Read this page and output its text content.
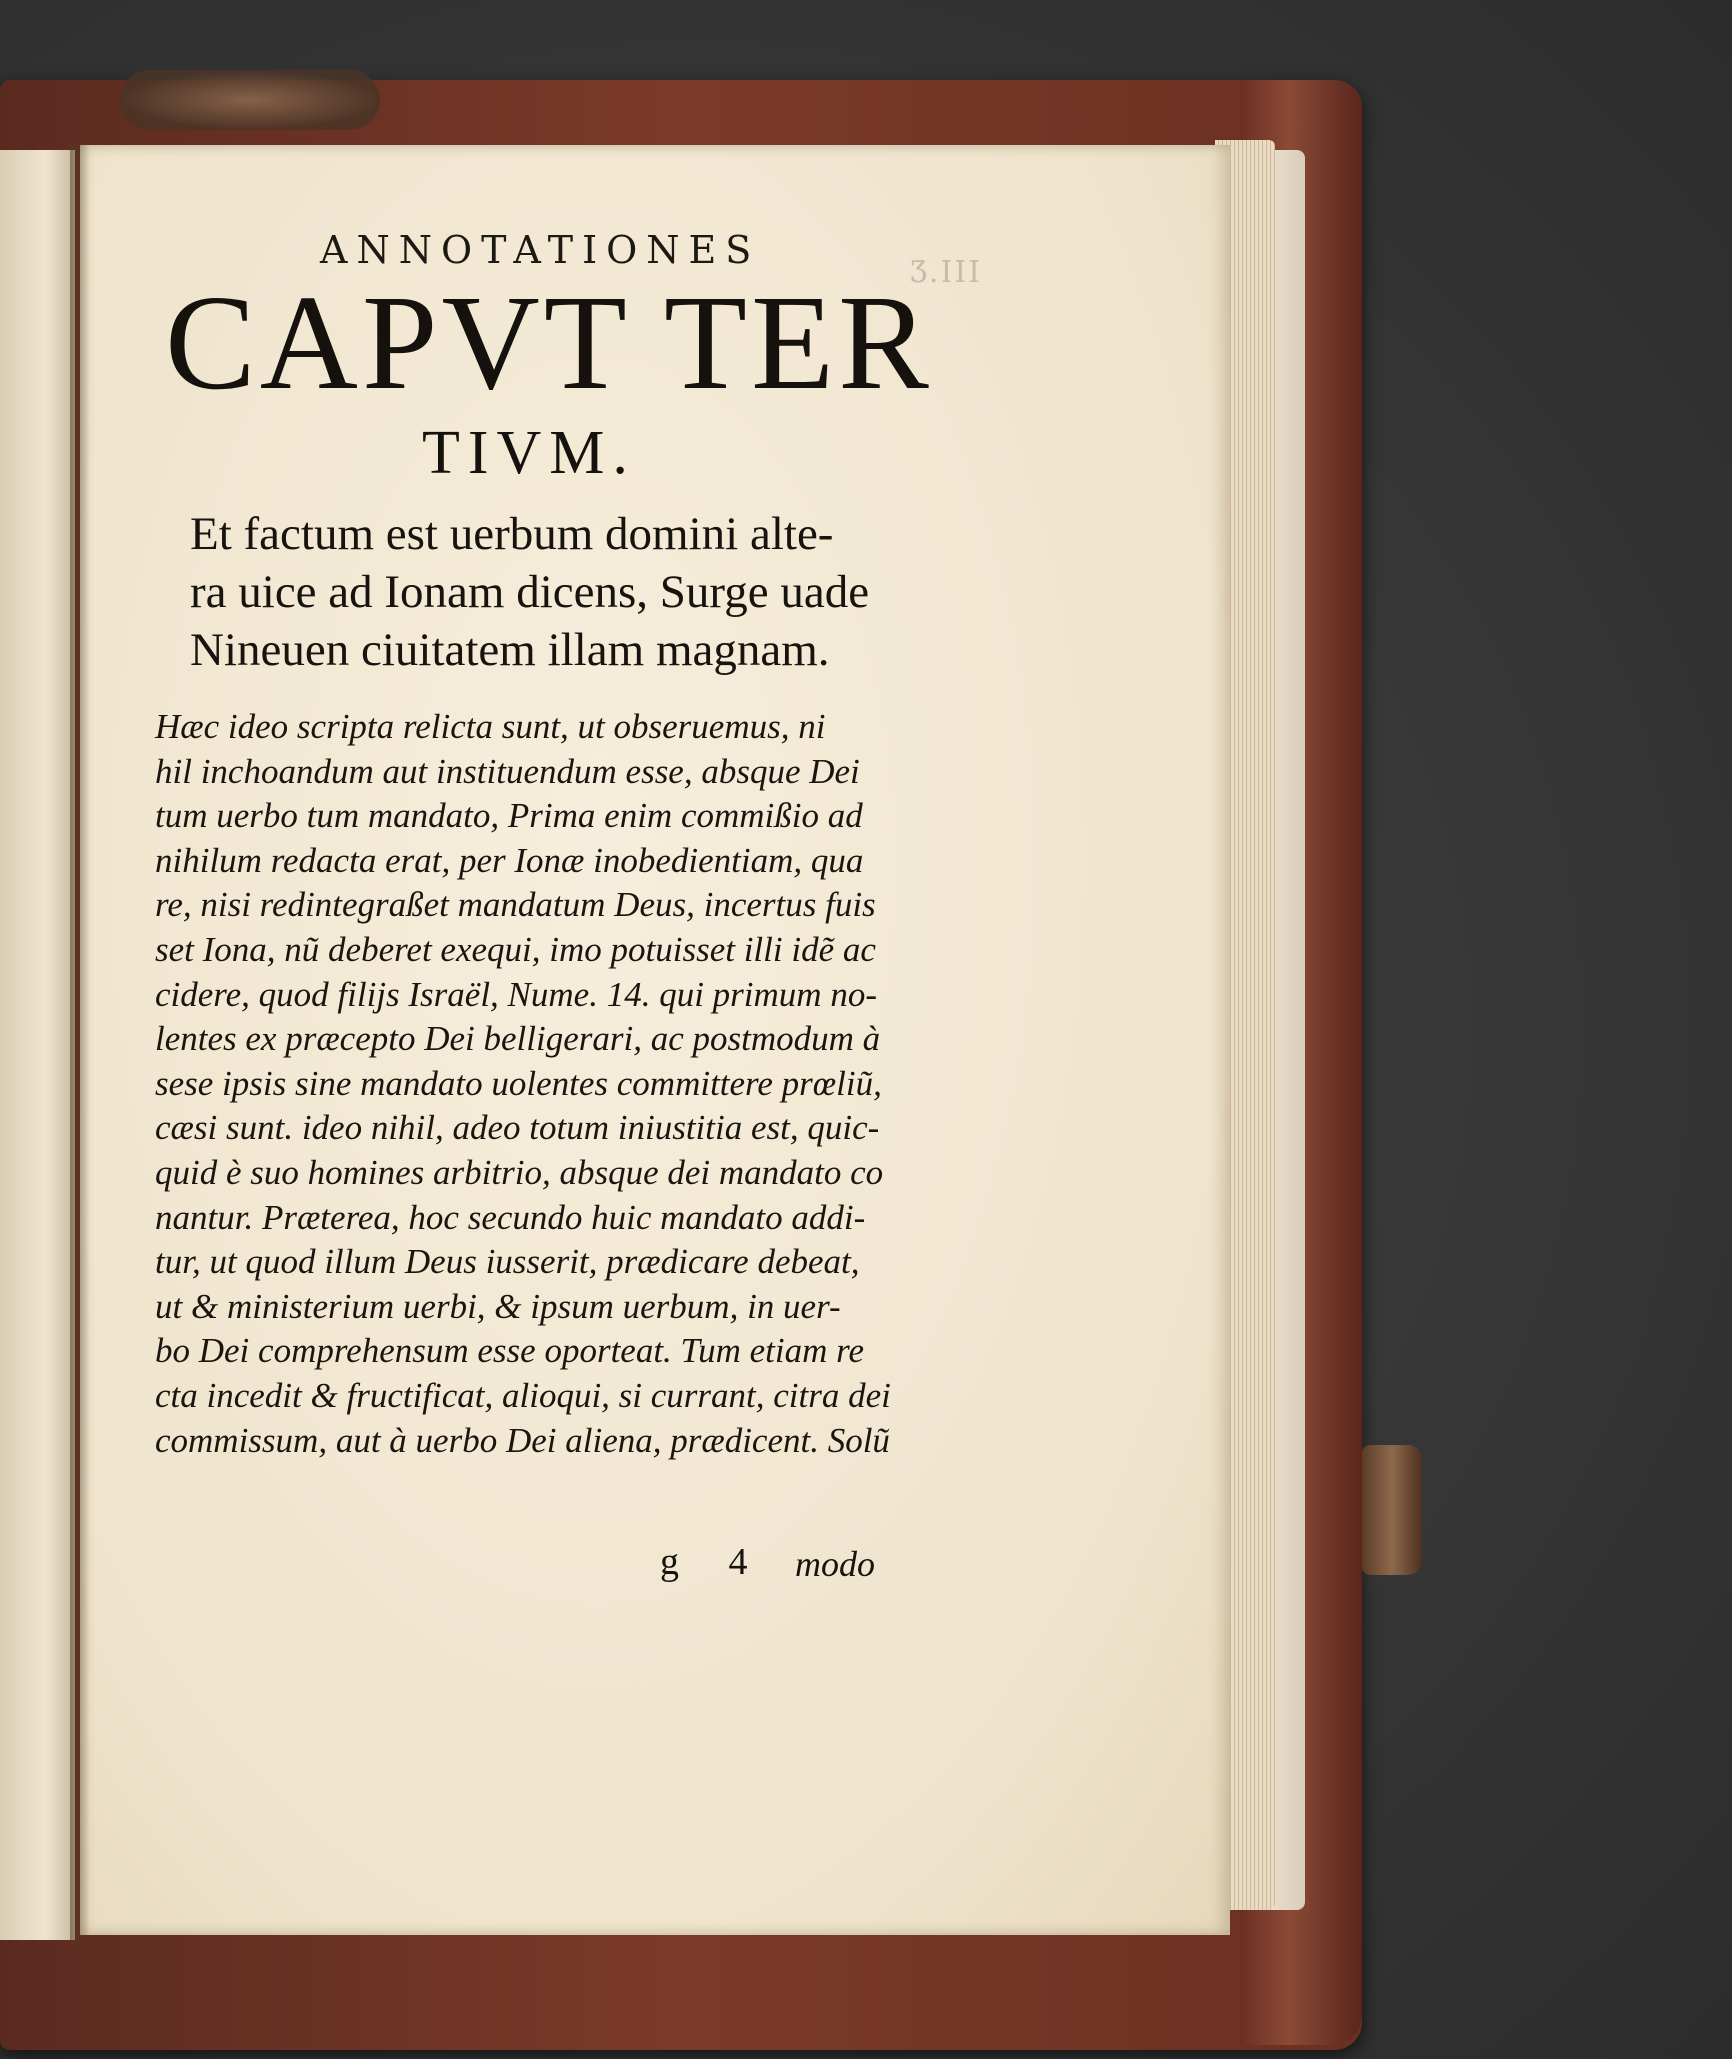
Ʒ.III
ANNOTATIONES
CAPVT TER
TIVM.
Et factum est uerbum domini alte-
ra uice ad Ionam dicens, Surge uade
Nineuen ciuitatem illam magnam.
Hæc ideo scripta relicta sunt, ut obseruemus, ni
hil inchoandum aut instituendum esse, absque Dei
tum uerbo tum mandato, Prima enim commißio ad
nihilum redacta erat, per Ionæ inobedientiam, qua
re, nisi redintegraßet mandatum Deus, incertus fuis
set Iona, nũ deberet exequi, imo potuisset illi idẽ ac
cidere, quod filijs Israël, Nume. 14. qui primum no-
lentes ex præcepto Dei belligerari, ac postmodum à
sese ipsis sine mandato uolentes committere prœliũ,
cæsi sunt. ideo nihil, adeo totum iniustitia est, quic-
quid è suo homines arbitrio, absque dei mandato co
nantur. Præterea, hoc secundo huic mandato addi-
tur, ut quod illum Deus iusserit, prædicare debeat,
ut & ministerium uerbi, & ipsum uerbum, in uer-
bo Dei comprehensum esse oporteat. Tum etiam re
cta incedit & fructificat, alioqui, si currant, citra dei
commissum, aut à uerbo Dei aliena, prædicent. Solũ
g 4 modo
